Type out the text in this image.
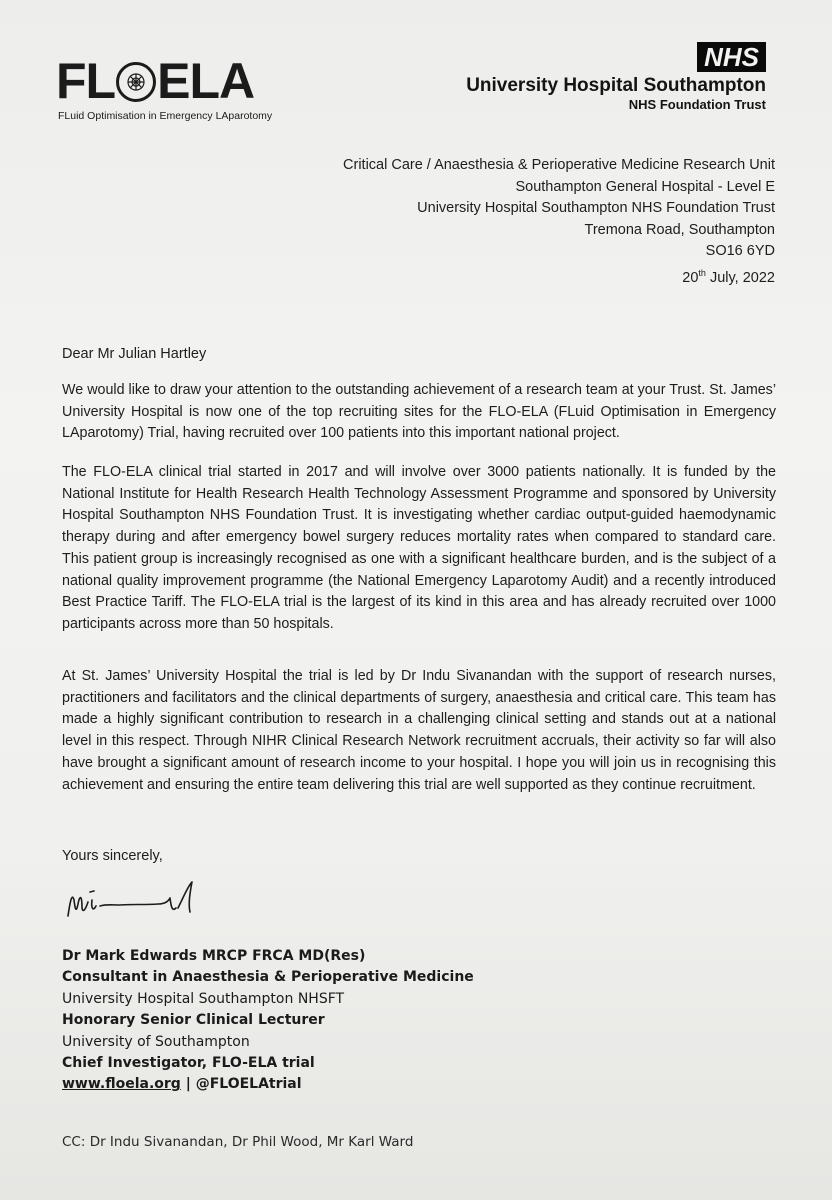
FL ELA
FLuid Optimisation in Emergency LAparotomy
NHS
University Hospital Southampton
NHS Foundation Trust
Critical Care / Anaesthesia & Perioperative Medicine Research Unit
Southampton General Hospital - Level E
University Hospital Southampton NHS Foundation Trust
Tremona Road, Southampton
SO16 6YD
20th July, 2022
Dear Mr Julian Hartley
We would like to draw your attention to the outstanding achievement of a research team at your Trust. St. James’ University Hospital is now one of the top recruiting sites for the FLO-ELA (FLuid Optimisation in Emergency LAparotomy) Trial, having recruited over 100 patients into this important national project.
The FLO-ELA clinical trial started in 2017 and will involve over 3000 patients nationally. It is funded by the National Institute for Health Research Health Technology Assessment Programme and sponsored by University Hospital Southampton NHS Foundation Trust. It is investigating whether cardiac output-guided haemodynamic therapy during and after emergency bowel surgery reduces mortality rates when compared to standard care. This patient group is increasingly recognised as one with a significant healthcare burden, and is the subject of a national quality improvement programme (the National Emergency Laparotomy Audit) and a recently introduced Best Practice Tariff. The FLO-ELA trial is the largest of its kind in this area and has already recruited over 1000 participants across more than 50 hospitals.
At St. James’ University Hospital the trial is led by Dr Indu Sivanandan with the support of research nurses, practitioners and facilitators and the clinical departments of surgery, anaesthesia and critical care. This team has made a highly significant contribution to research in a challenging clinical setting and stands out at a national level in this respect. Through NIHR Clinical Research Network recruitment accruals, their activity so far will also have brought a significant amount of research income to your hospital. I hope you will join us in recognising this achievement and ensuring the entire team delivering this trial are well supported as they continue recruitment.
Yours sincerely,
Dr Mark Edwards MRCP FRCA MD(Res)
Consultant in Anaesthesia & Perioperative Medicine
University Hospital Southampton NHSFT
Honorary Senior Clinical Lecturer
University of Southampton
Chief Investigator, FLO-ELA trial
www.floela.org | @FLOELAtrial
CC: Dr Indu Sivanandan, Dr Phil Wood, Mr Karl Ward
